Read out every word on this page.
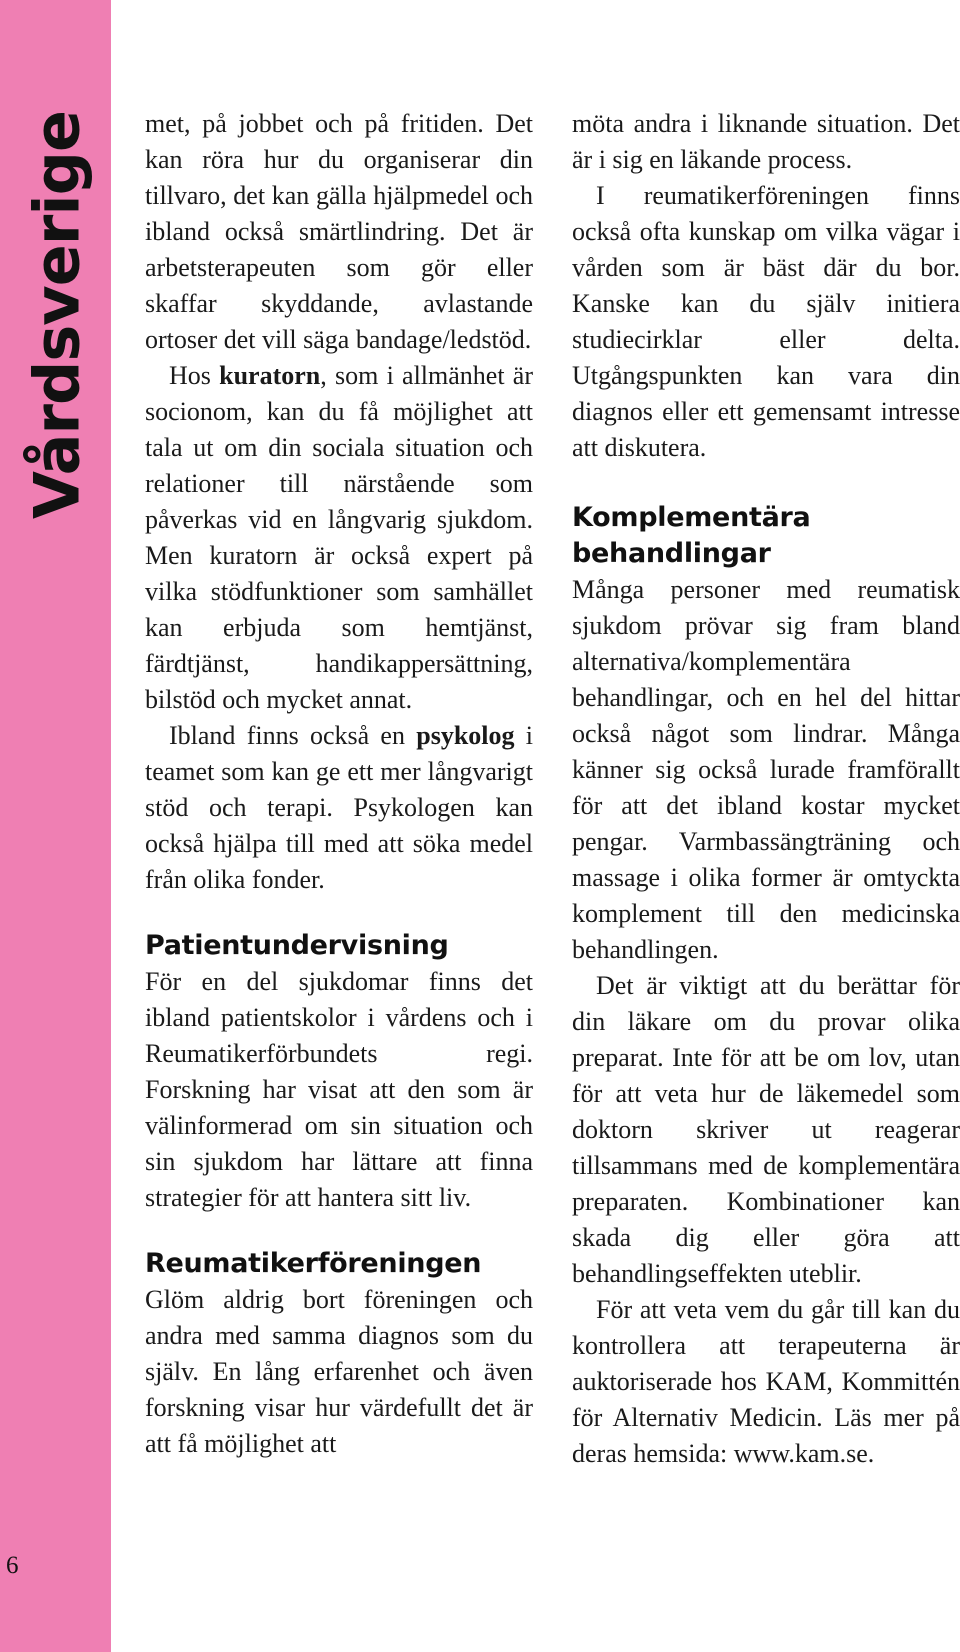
Vårdsverige
6

met, på jobbet och på fritiden. Det kan röra hur du organiserar din tillvaro, det kan gälla hjälpmedel och ibland också smärtlindring. Det är arbetsterapeuten som gör eller skaffar skyddande, avlastande ortoser det vill säga bandage/ledstöd.

Hos kuratorn, som i allmänhet är socionom, kan du få möjlighet att tala ut om din sociala situation och relationer till närstående som påverkas vid en långvarig sjukdom. Men kuratorn är också expert på vilka stödfunktioner som samhället kan erbjuda som hemtjänst, färdtjänst, handikappersättning, bilstöd och mycket annat.

Ibland finns också en psykolog i teamet som kan ge ett mer långvarigt stöd och terapi. Psykologen kan också hjälpa till med att söka medel från olika fonder.

Patientundervisning

För en del sjukdomar finns det ibland patientskolor i vårdens och i Reumatikerförbundets regi. Forskning har visat att den som är välinformerad om sin situation och sin sjukdom har lättare att finna strategier för att hantera sitt liv.

Reumatikerföreningen

Glöm aldrig bort föreningen och andra med samma diagnos som du själv. En lång erfarenhet och även forskning visar hur värdefullt det är att få möjlighet att

möta andra i liknande situation. Det är i sig en läkande process.

I reumatikerföreningen finns också ofta kunskap om vilka vägar i vården som är bäst där du bor. Kanske kan du själv initiera studiecirklar eller delta. Utgångspunkten kan vara din diagnos eller ett gemensamt intresse att diskutera.

Komplementära behandlingar

Många personer med reumatisk sjukdom prövar sig fram bland alternativa/komplementära behandlingar, och en hel del hittar också något som lindrar. Många känner sig också lurade framförallt för att det ibland kostar mycket pengar. Varmbassängträning och massage i olika former är omtyckta komplement till den medicinska behandlingen.

Det är viktigt att du berättar för din läkare om du provar olika preparat. Inte för att be om lov, utan för att veta hur de läkemedel som doktorn skriver ut reagerar tillsammans med de komplementära preparaten. Kombinationer kan skada dig eller göra att behandlingseffekten uteblir.

För att veta vem du går till kan du kontrollera att terapeuterna är auktoriserade hos KAM, Kommittén för Alternativ Medicin. Läs mer på deras hemsida: www.kam.se.
